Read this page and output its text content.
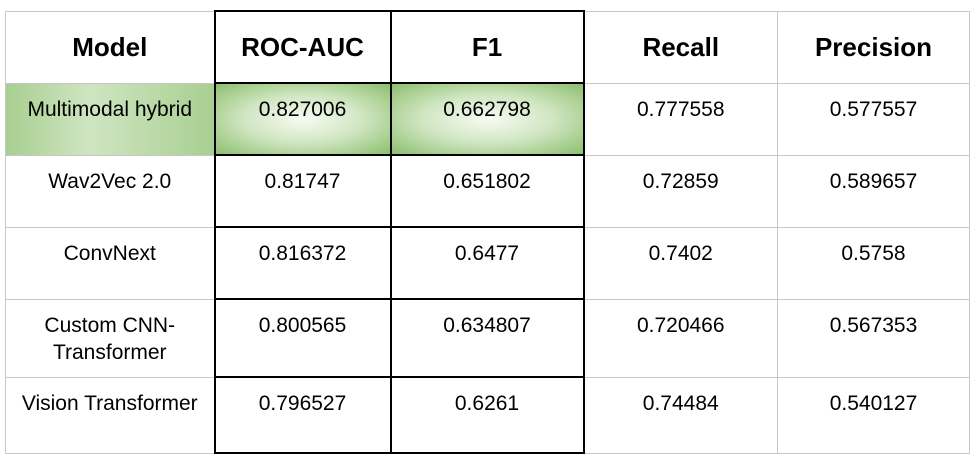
Model	ROC-AUC	F1	Recall	Precision
Multimodal hybrid	0.827006	0.662798	0.777558	0.577557
Wav2Vec 2.0	0.81747	0.651802	0.72859	0.589657
ConvNext	0.816372	0.6477	0.7402	0.5758
Custom CNN-Transformer	0.800565	0.634807	0.720466	0.567353
Vision Transformer	0.796527	0.6261	0.74484	0.540127
